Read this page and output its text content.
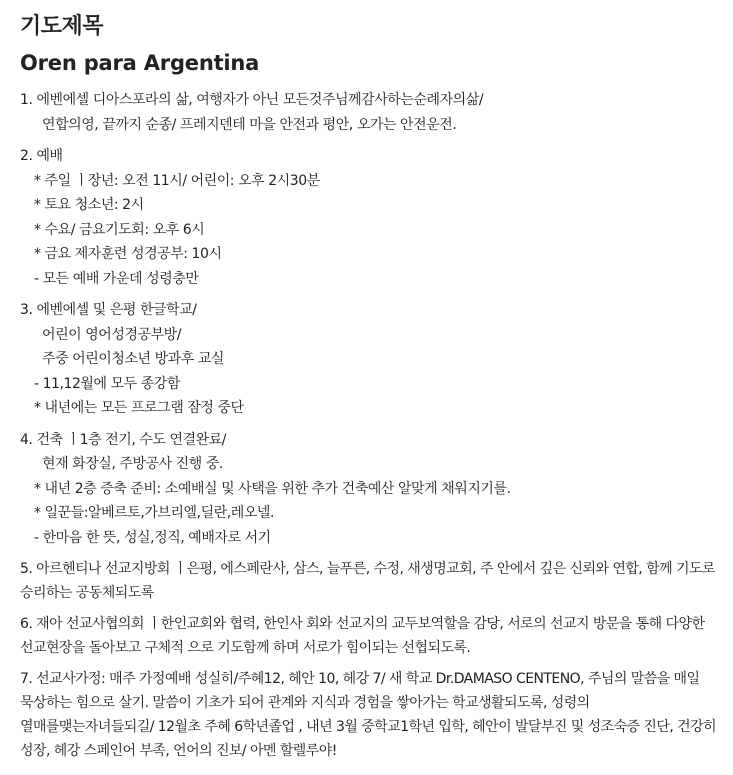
기도제목
Oren para Argentina
1. 에벤에셀 디아스포라의 삶, 여행자가 아닌 모든것주님께감사하는순례자의삶/
연합의영, 끝까지 순종/ 프레지덴테 마을 안전과 평안, 오가는 안전운전.
2. 예배
* 주일 ㅣ장년: 오전 11시/ 어린이: 오후 2시30분
* 토요 청소년: 2시
* 수요/ 금요기도회: 오후 6시
* 금요 제자훈련 성경공부: 10시
- 모든 예배 가운데 성령충만
3. 에벤에셀 및 은평 한글학교/
어린이 영어성경공부방/
주중 어린이청소년 방과후 교실
- 11,12월에 모두 종강함
* 내년에는 모든 프로그램 잠정 중단
4. 건축 ㅣ1층 전기, 수도 연결완료/
현재 화장실, 주방공사 진행 중.
* 내년 2층 증축 준비: 소예배실 및 사택을 위한 추가 건축예산 알맞게 채워지기를.
* 일꾼들:알베르토,가브리엘,딜란,레오넬.
- 한마음 한 뜻, 성실,정직, 예배자로 서기
5. 아르헨티나 선교지방회 ㅣ은평, 에스페란사, 삼스, 늘푸른, 수정, 새생명교회, 주 안에서 깊은 신뢰와 연합, 함께 기도로 승리하는 공동체되도록
6. 재아 선교사협의회 ㅣ한인교회와 협력, 한인사 회와 선교지의 교두보역할을 감당, 서로의 선교지 방문을 통해 다양한 선교현장을 돌아보고 구체적 으로 기도함께 하며 서로가 힘이되는 선협되도록.
7. 선교사가정: 매주 가정예배 성실히/주혜12, 헤안 10, 헤강 7/ 새 학교 Dr.DAMASO CENTENO, 주님의 말씀을 매일 묵상하는 힘으로 살기. 말씀이 기초가 되어 관계와 지식과 경험을 쌓아가는 학교생활되도록, 성령의 열매를맺는자녀들되길/ 12월초 주혜 6학년졸업 , 내년 3월 중학교1학년 입학, 헤안이 발달부진 및 성조숙증 진단, 건강히 성장, 헤강 스페인어 부족, 언어의 진보/ 아멘 할렐루야!
